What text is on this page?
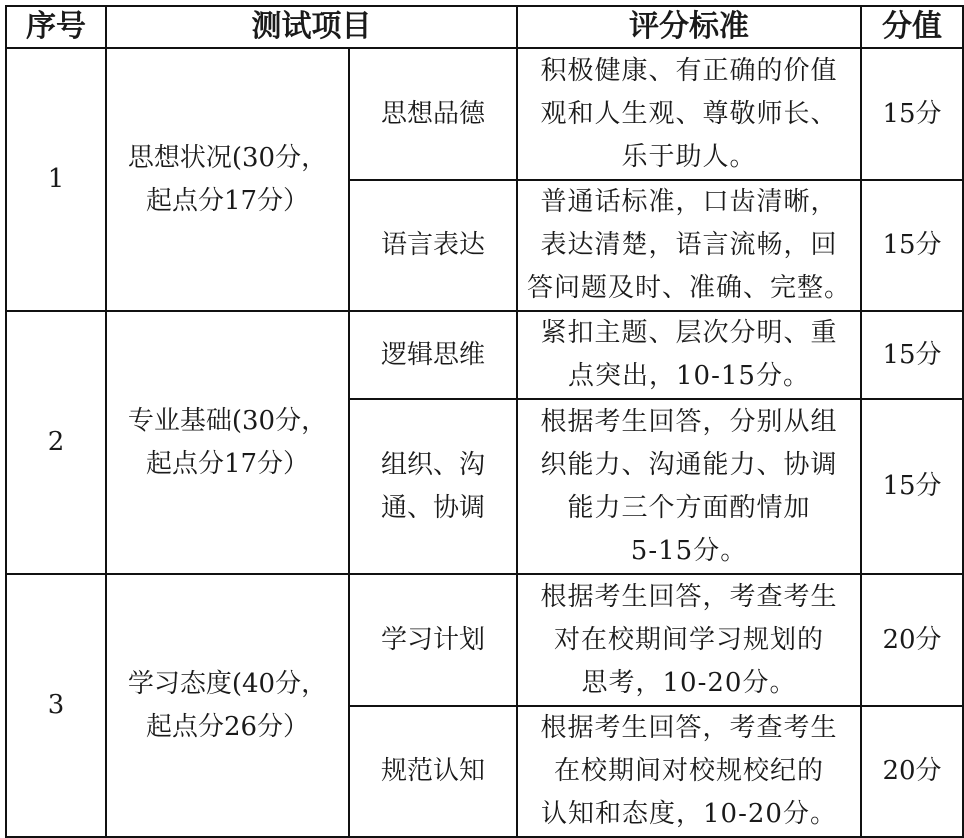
序号	测试项目		评分标准	分值
1	思想状况(30分，
起点分17分）	思想品德	积极健康、有正确的价值
观和人生观、尊敬师长、
乐于助人。	15分
		语言表达	普通话标准，口齿清晰，
表达清楚，语言流畅，回
答问题及时、准确、完整。	15分
2	专业基础(30分，
起点分17分）	逻辑思维	紧扣主题、层次分明、重
点突出，10-15分。	15分
		组织、沟
通、协调	根据考生回答，分别从组
织能力、沟通能力、协调
能力三个方面酌情加
5-15分。	15分
3	学习态度(40分，
起点分26分）	学习计划	根据考生回答，考查考生
对在校期间学习规划的
思考，10-20分。	20分
		规范认知	根据考生回答，考查考生
在校期间对校规校纪的
认知和态度，10-20分。	20分
